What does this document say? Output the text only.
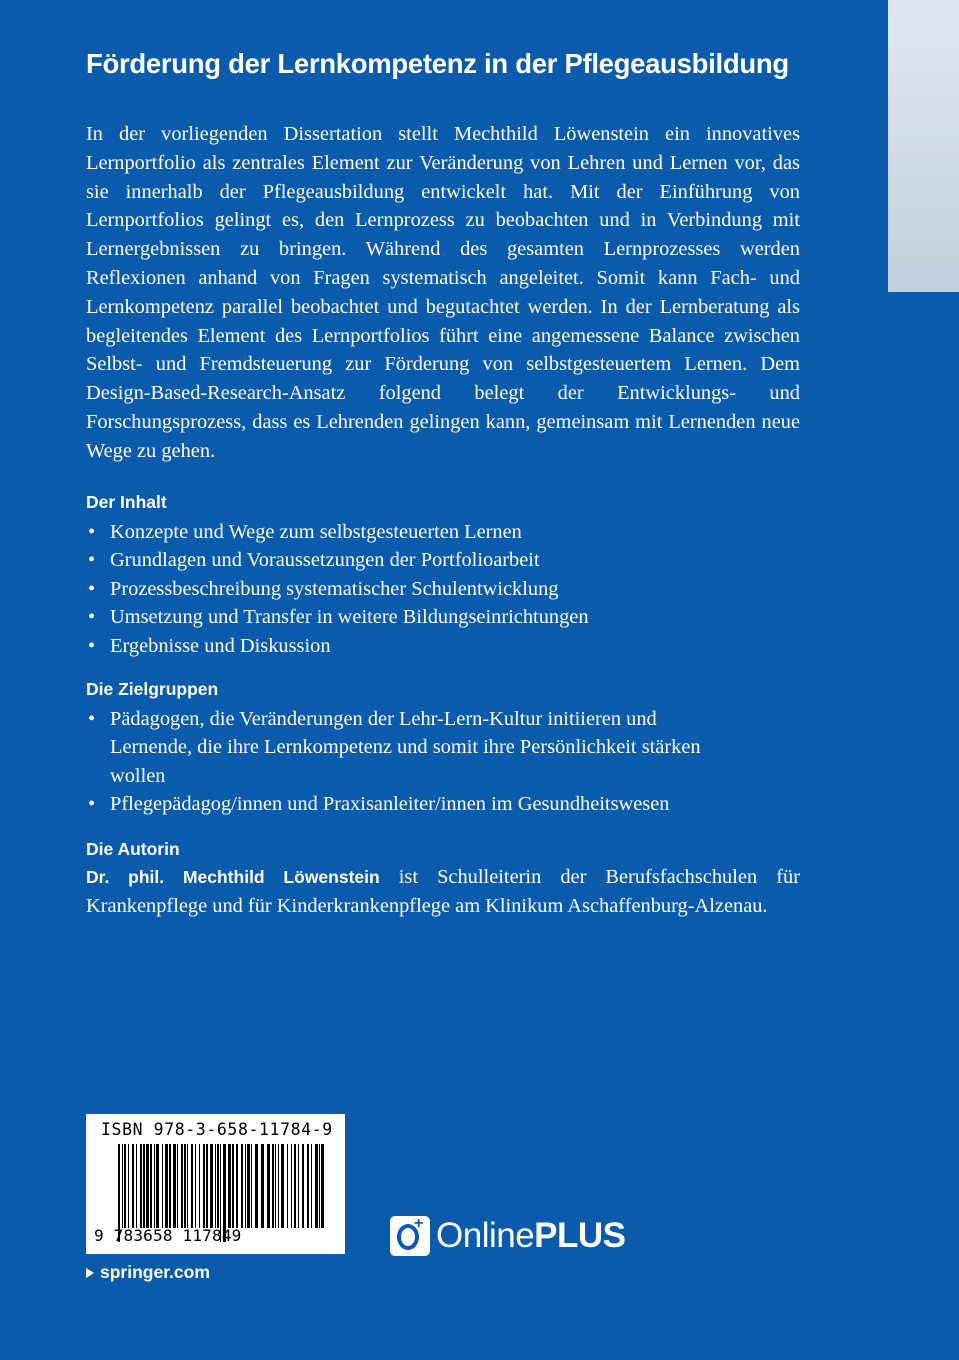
Förderung der Lernkompetenz in der Pflegeausbildung

In der vorliegenden Dissertation stellt Mechthild Löwenstein ein innovatives Lernportfolio als zentrales Element zur Veränderung von Lehren und Lernen vor, das sie innerhalb der Pflegeausbildung entwickelt hat. Mit der Einführung von Lernportfolios gelingt es, den Lernprozess zu beobachten und in Verbindung mit Lernergebnissen zu bringen. Während des gesamten Lernprozesses werden Reflexionen anhand von Fragen systematisch angeleitet. Somit kann Fach- und Lernkompetenz parallel beobachtet und begutachtet werden. In der Lernberatung als begleitendes Element des Lernportfolios führt eine angemessene Balance zwischen Selbst- und Fremdsteuerung zur Förderung von selbstgesteuertem Lernen. Dem Design-Based-Research-Ansatz folgend belegt der Entwicklungs- und Forschungsprozess, dass es Lehrenden gelingen kann, gemeinsam mit Lernenden neue Wege zu gehen.

Der Inhalt
• Konzepte und Wege zum selbstgesteuerten Lernen
• Grundlagen und Voraussetzungen der Portfolioarbeit
• Prozessbeschreibung systematischer Schulentwicklung
• Umsetzung und Transfer in weitere Bildungseinrichtungen
• Ergebnisse und Diskussion
Die Zielgruppen
• Pädagogen, die Veränderungen der Lehr-Lern-Kultur initiieren und Lernende, die ihre Lernkompetenz und somit ihre Persönlichkeit stärken wollen
• Pflegepädagog/innen und Praxisanleiter/innen im Gesundheitswesen
Die Autorin

Dr. phil. Mechthild Löwenstein ist Schulleiterin der Berufsfachschulen für Krankenpflege und für Kinderkrankenpflege am Klinikum Aschaffenburg-Alzenau.

ISBN 978-3-658-11784-9
9 783658 117849
+ OnlinePLUS
springer.com
